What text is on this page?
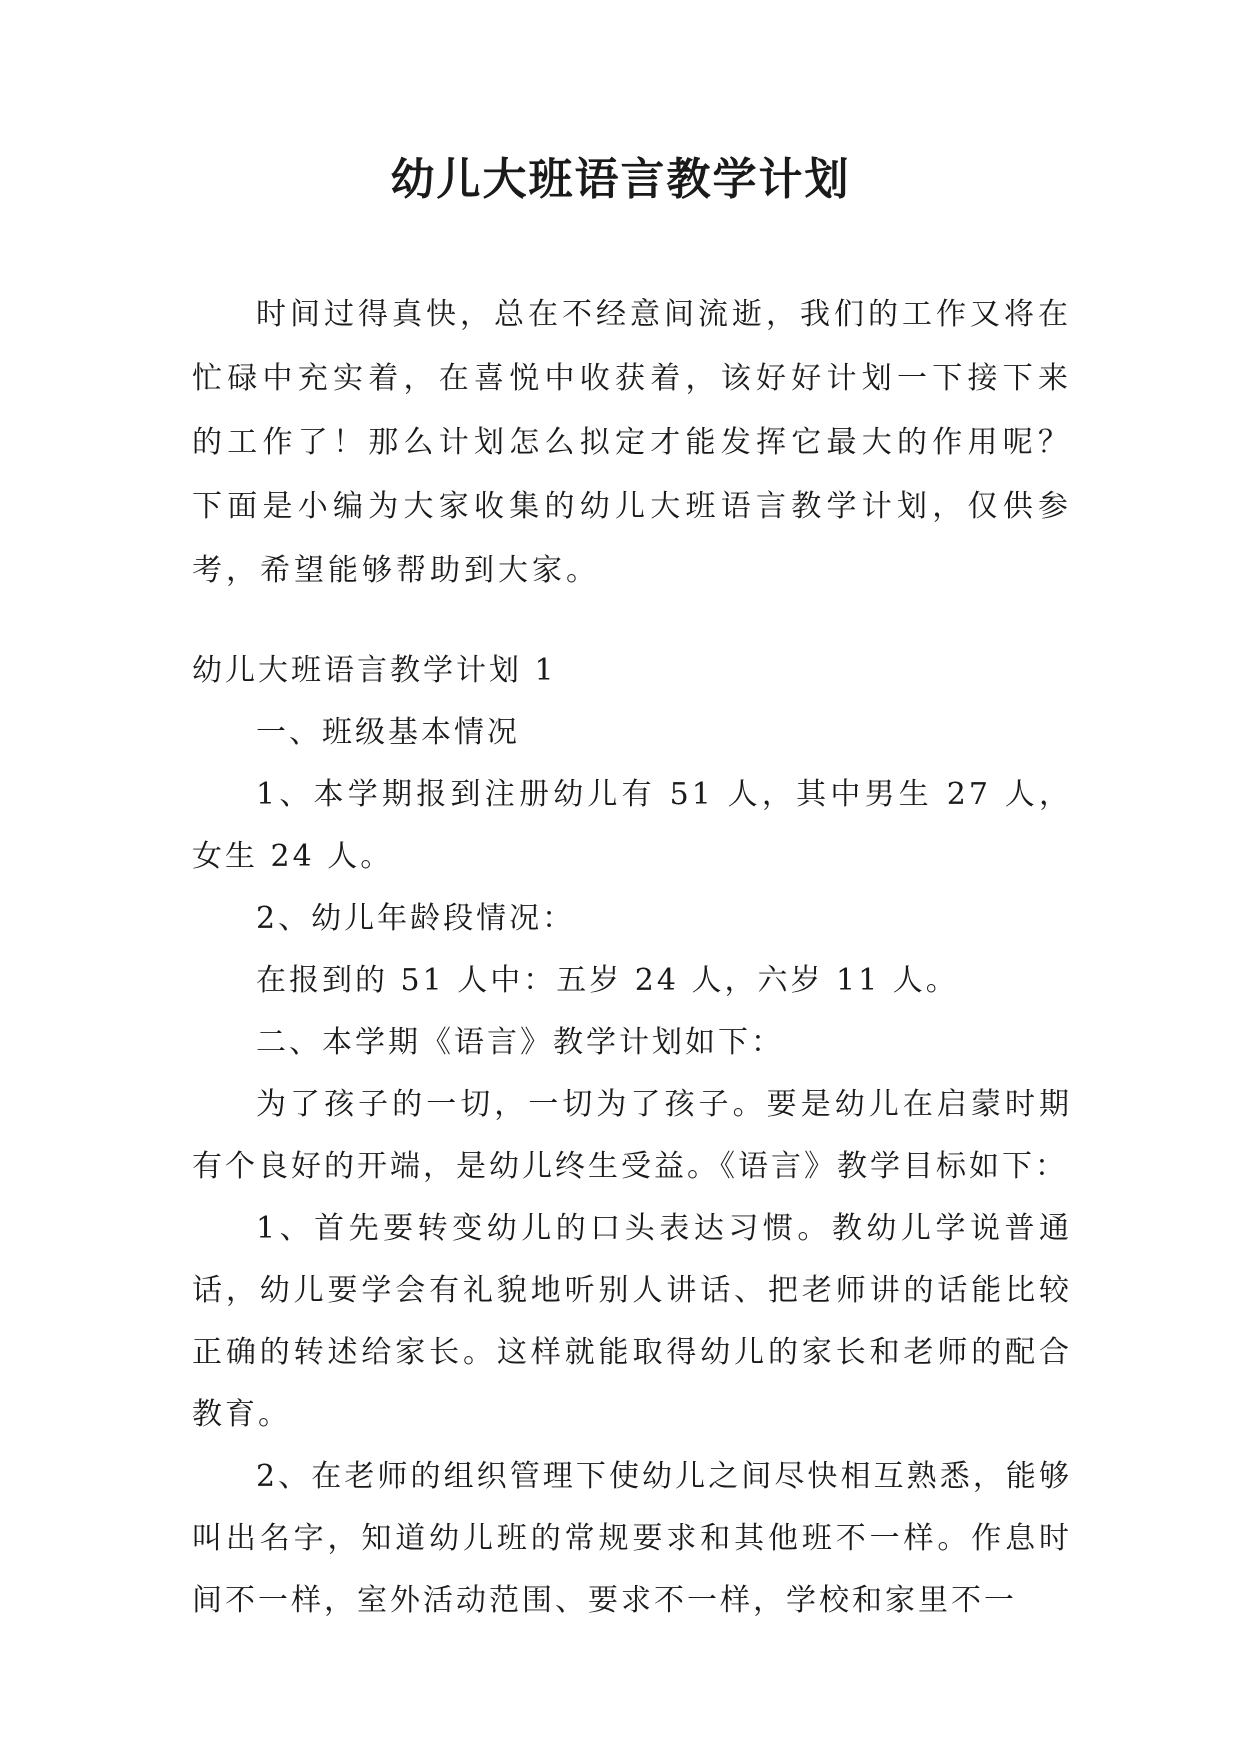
幼儿大班语言教学计划
时间过得真快，总在不经意间流逝，我们的工作又将在忙碌中充实着，在喜悦中收获着，该好好计划一下接下来的工作了！那么计划怎么拟定才能发挥它最大的作用呢？下面是小编为大家收集的幼儿大班语言教学计划，仅供参考，希望能够帮助到大家。

幼儿大班语言教学计划 1

一、班级基本情况

1、本学期报到注册幼儿有 51 人，其中男生 27 人，女生 24 人。

2、幼儿年龄段情况：

在报到的 51 人中：五岁 24 人，六岁 11 人。

二、本学期《语言》教学计划如下：

为了孩子的一切，一切为了孩子。要是幼儿在启蒙时期有个良好的开端，是幼儿终生受益。《语言》教学目标如下：

1、首先要转变幼儿的口头表达习惯。教幼儿学说普通话，幼儿要学会有礼貌地听别人讲话、把老师讲的话能比较正确的转述给家长。这样就能取得幼儿的家长和老师的配合教育。

2、在老师的组织管理下使幼儿之间尽快相互熟悉，能够叫出名字，知道幼儿班的常规要求和其他班不一样。作息时间不一样，室外活动范围、要求不一样，学校和家里不一
